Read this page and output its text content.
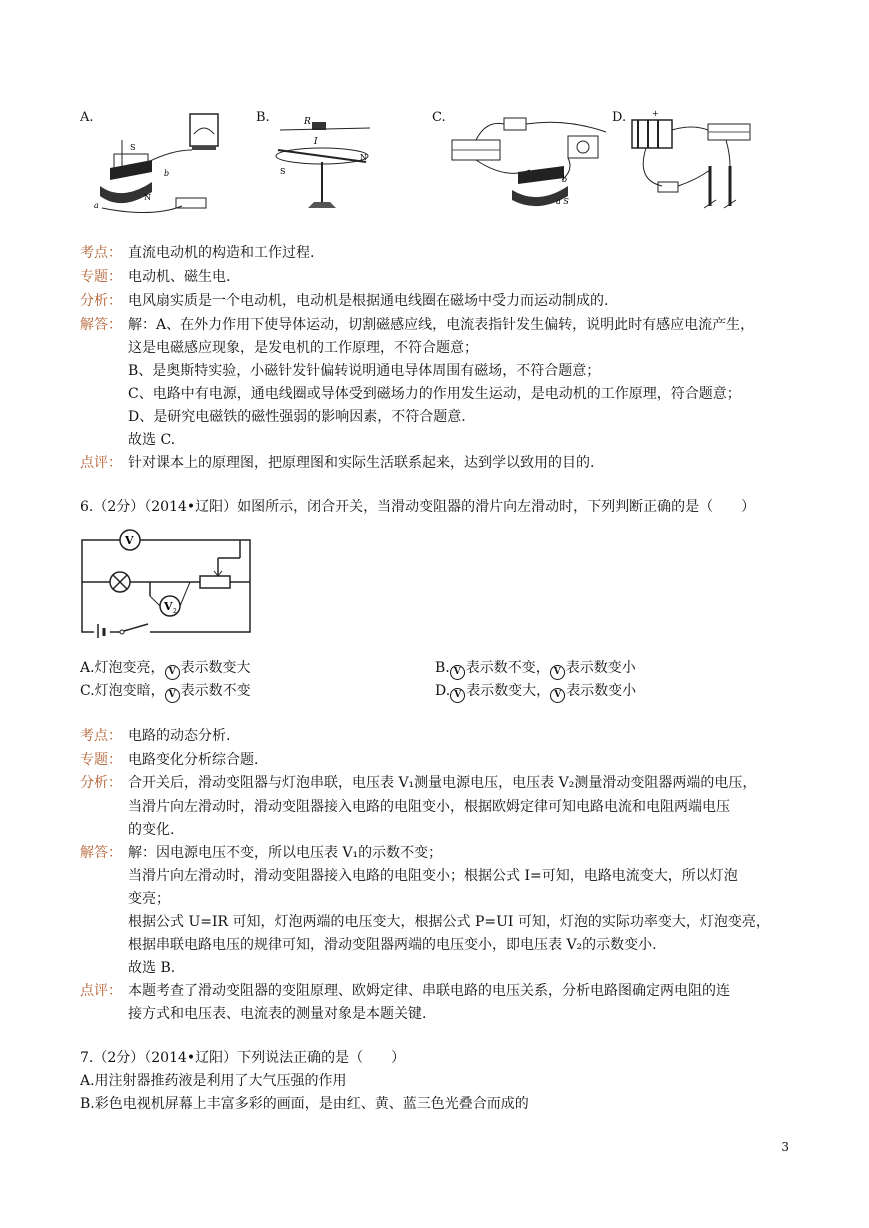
A.	B.	C.	D.
S
N
a
b
R
I
S
N
a S
b
+
考点： 直流电动机的构造和工作过程.
专题： 电动机、磁生电.
分析： 电风扇实质是一个电动机，电动机是根据通电线圈在磁场中受力而运动制成的.
解答： 解：A、在外力作用下使导体运动，切割磁感应线，电流表指针发生偏转，说明此时有感应电流产生，
这是电磁感应现象，是发电机的工作原理，不符合题意；
B、是奥斯特实验，小磁针发针偏转说明通电导体周围有磁场，不符合题意；
C、电路中有电源，通电线圈或导体受到磁场力的作用发生运动，是电动机的工作原理，符合题意；
D、是研究电磁铁的磁性强弱的影响因素，不符合题意.
故选 C.
点评： 针对课本上的原理图，把原理图和实际生活联系起来，达到学以致用的目的.
6.（2分）（2014•辽阳）如图所示，闭合开关，当滑动变阻器的滑片向左滑动时，下列判断正确的是（　　）
V
V 2
A.灯泡变亮， V 表示数变大	B. V 表示数不变， V 表示数变小
C.灯泡变暗， V 表示数不变	D. V 表示数变大， V 表示数变小
考点： 电路的动态分析.
专题： 电路变化分析综合题.
分析： 合开关后，滑动变阻器与灯泡串联，电压表 V₁测量电源电压，电压表 V₂测量滑动变阻器两端的电压，
当滑片向左滑动时，滑动变阻器接入电路的电阻变小，根据欧姆定律可知电路电流和电阻两端电压
的变化.
解答： 解：因电源电压不变，所以电压表 V₁的示数不变；
当滑片向左滑动时，滑动变阻器接入电路的电阻变小；根据公式 I=可知，电路电流变大，所以灯泡
变亮；
根据公式 U=IR 可知，灯泡两端的电压变大，根据公式 P=UI 可知，灯泡的实际功率变大，灯泡变亮，
根据串联电路电压的规律可知，滑动变阻器两端的电压变小，即电压表 V₂的示数变小.
故选 B.
点评： 本题考查了滑动变阻器的变阻原理、欧姆定律、串联电路的电压关系，分析电路图确定两电阻的连
接方式和电压表、电流表的测量对象是本题关键.
7.（2分）（2014•辽阳）下列说法正确的是（　　）
A.用注射器推药液是利用了大气压强的作用
B.彩色电视机屏幕上丰富多彩的画面，是由红、黄、蓝三色光叠合而成的
3
